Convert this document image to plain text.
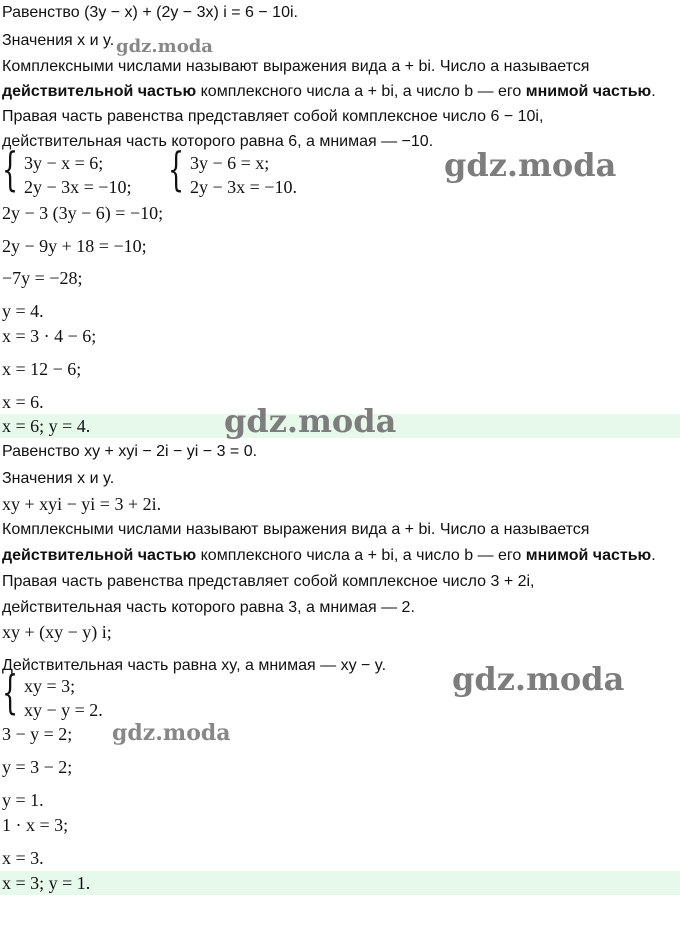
Равенство (3y − x) + (2y − 3x) i = 6 − 10i.
Значения x и y.
Комплексными числами называют выражения вида a + bi. Число a называется
действительной частью комплексного числа a + bi, а число b — его мнимой частью.
Правая часть равенства представляет собой комплексное число 6 − 10i,
действительная часть которого равна 6, а мнимая — −10.
{ 3y − x = 6;
2y − 3x = −10; { 3y − 6 = x;
2y − 3x = −10.
2y − 3 (3y − 6) = −10;
2y − 9y + 18 = −10;
−7y = −28;
y = 4.
x = 3 · 4 − 6;
x = 12 − 6;
x = 6.
x = 6; y = 4.
Равенство xy + xyi − 2i − yi − 3 = 0.
Значения x и y.
xy + xyi − yi = 3 + 2i.
Комплексными числами называют выражения вида a + bi. Число a называется
действительной частью комплексного числа a + bi, а число b — его мнимой частью.
Правая часть равенства представляет собой комплексное число 3 + 2i,
действительная часть которого равна 3, а мнимая — 2.
xy + (xy − y) i;
Действительная часть равна xy, а мнимая — xy − y.
{ xy = 3;
xy − y = 2.
3 − y = 2;
y = 3 − 2;
y = 1.
1 · x = 3;
x = 3.
x = 3; y = 1.
gdz.moda
gdz.moda
gdz.moda
gdz.moda
gdz.moda
